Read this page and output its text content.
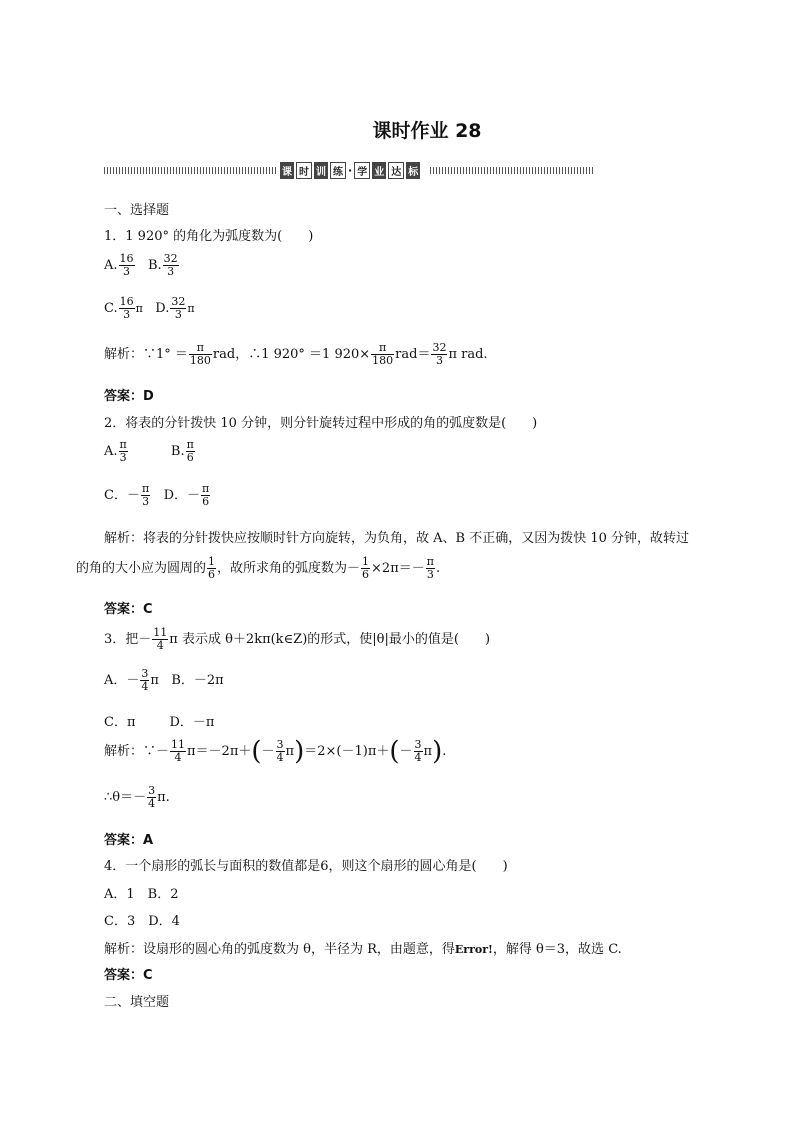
课时作业 28
课 时 训 练 · 学 业 达 标
一、选择题
1．1 920° 的角化为弧度数为(　　)
A. $\frac{16}{3} B$. $\frac{32}{3}$
C. $\frac{16}{3}$ π D. $\frac{32}{3}$ π
解析：∵1° ＝ $\frac{\pi}{180}$ rad，∴1 920° ＝1 $920\times \frac{\pi}{180} rad= \frac{32}{3}$ π rad.
答案：D
2．将表的分针拨快 10 分钟，则分针旋转过程中形成的角的弧度数是(　　)
A. $\frac{\pi}{3}$	B. $\frac{\pi}{6}$
C．－ $\frac{\pi}{3}$ D．－ $\frac{\pi}{6}$
解析：将表的分针拨快应按顺时针方向旋转，为负角，故 A、B 不正确，又因为拨快 10 分钟，故转过
的角的大小应为圆周的 $\frac{1}{6}$ ，故所求角的弧度数为－ $\frac{1}{6} \times 2\pi=- \frac{\pi}{3}$ .
答案：C
3．把－ $\frac{11}{4}$ π 表示成 θ＋2kπ(k∈Z)的形式，使|θ|最小的值是(　　)
A．－ $\frac{3}{4}$ π B．－2π
C．π	D．－π
解析：∵－ $\frac{11}{4} \pi=-2\pi+(- \frac{3}{4} \pi)=2\times(-1)\pi+(- \frac{3}{4} \pi)$.
∴θ＝－ $\frac{3}{4} \pi$.
答案：A
4．一个扇形的弧长与面积的数值都是6，则这个扇形的圆心角是(　　)
A．1　B．2
C．3　D．4
解析：设扇形的圆心角的弧度数为 θ，半径为 R，由题意，得Error!，解得 θ＝3，故选 C.
答案：C
二、填空题
